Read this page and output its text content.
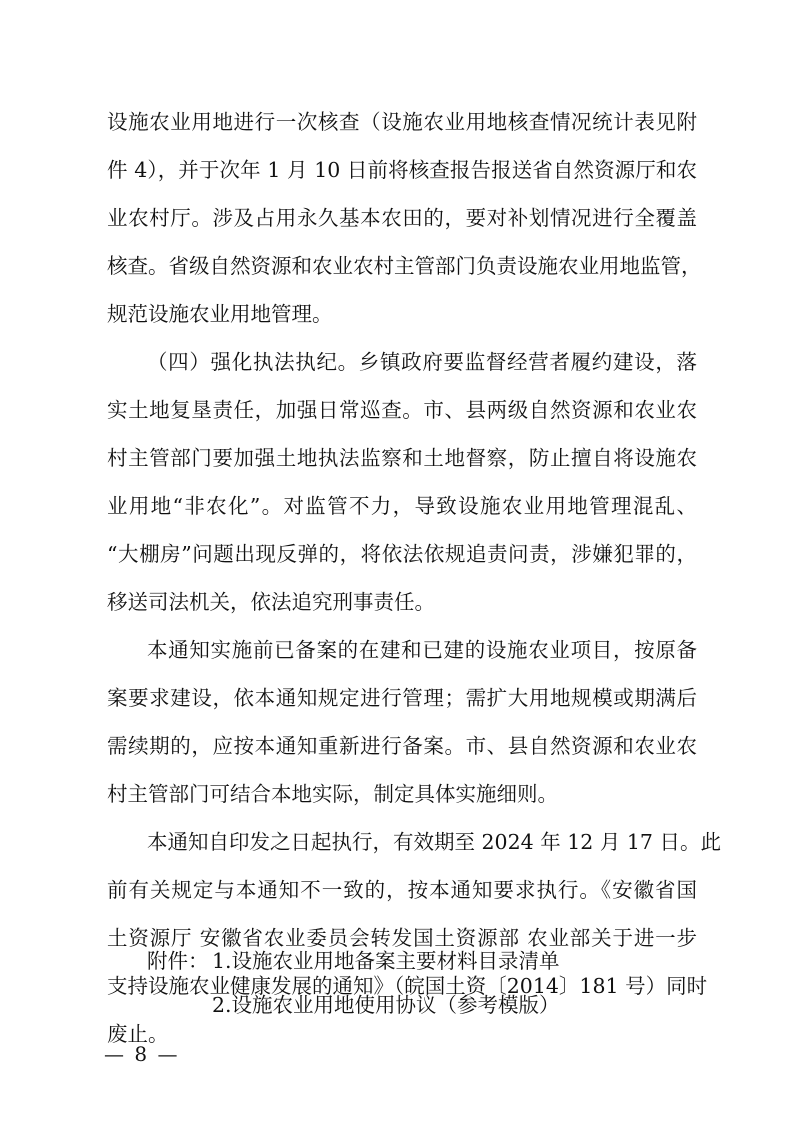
设施农业用地进行一次核查（设施农业用地核查情况统计表见附
件 4），并于次年 1 月 10 日前将核查报告报送省自然资源厅和农
业农村厅。涉及占用永久基本农田的，要对补划情况进行全覆盖
核查。省级自然资源和农业农村主管部门负责设施农业用地监管，
规范设施农业用地管理。
（四）强化执法执纪。乡镇政府要监督经营者履约建设，落
实土地复垦责任，加强日常巡查。市、县两级自然资源和农业农
村主管部门要加强土地执法监察和土地督察，防止擅自将设施农
业用地“非农化”。对监管不力，导致设施农业用地管理混乱、
“大棚房”问题出现反弹的，将依法依规追责问责，涉嫌犯罪的，
移送司法机关，依法追究刑事责任。
本通知实施前已备案的在建和已建的设施农业项目，按原备
案要求建设，依本通知规定进行管理；需扩大用地规模或期满后
需续期的，应按本通知重新进行备案。市、县自然资源和农业农
村主管部门可结合本地实际，制定具体实施细则。
本通知自印发之日起执行，有效期至 2024 年 12 月 17 日。此
前有关规定与本通知不一致的，按本通知要求执行。《安徽省国
土资源厅 安徽省农业委员会转发国土资源部 农业部关于进一步
支持设施农业健康发展的通知》（皖国土资〔2014〕181 号）同时
废止。
附件： 1.设施农业用地备案主要材料目录清单
2.设施农业用地使用协议（参考模版）
— 8 —
